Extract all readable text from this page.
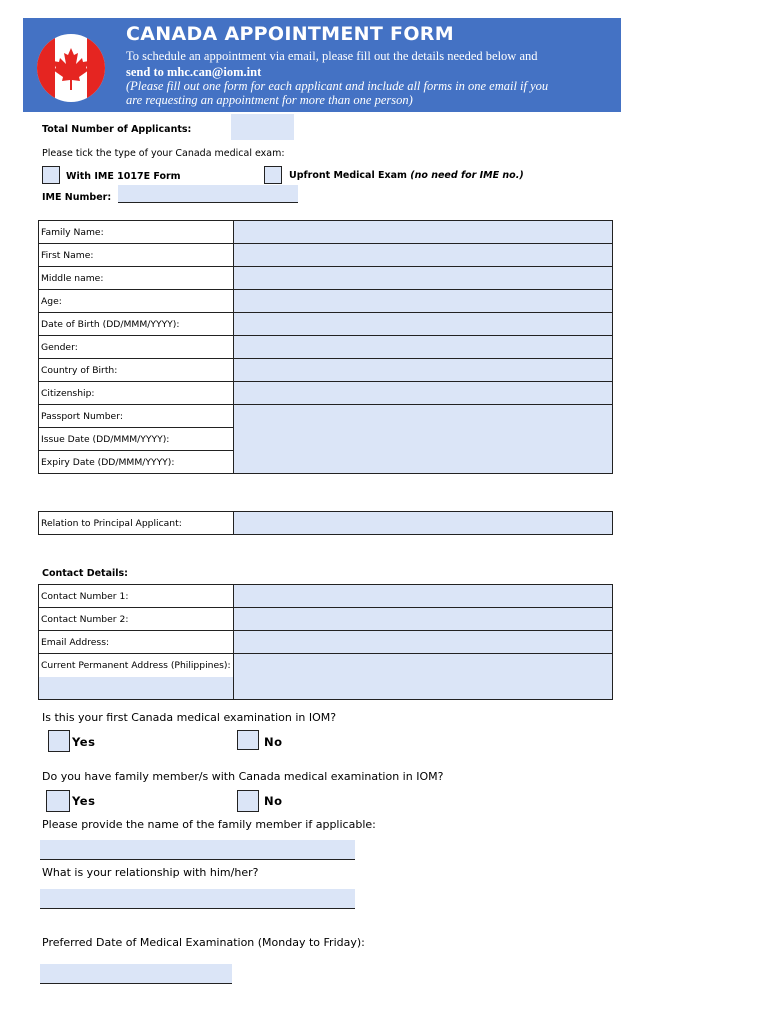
CANADA APPOINTMENT FORM
To schedule an appointment via email, please fill out the details needed below and
send to mhc.can@iom.int
(Please fill out one form for each applicant and include all forms in one email if you
are requesting an appointment for more than one person)
Total Number of Applicants:
Please tick the type of your Canada medical exam:
With IME 1017E Form	Upfront Medical Exam (no need for IME no.)
IME Number:
Family Name:	
First Name:	
Middle name:	
Age:	
Date of Birth (DD/MMM/YYYY):	
Gender:	
Country of Birth:	
Citizenship:	
Passport Number:	
Issue Date (DD/MMM/YYYY):	
Expiry Date (DD/MMM/YYYY):	
Relation to Principal Applicant:	
Contact Details:
Contact Number 1:	
Contact Number 2:	
Email Address:	
Current Permanent Address (Philippines):	

Is this your first Canada medical examination in IOM?
Yes	No
Do you have family member/s with Canada medical examination in IOM?
Yes	No
Please provide the name of the family member if applicable:
What is your relationship with him/her?
Preferred Date of Medical Examination (Monday to Friday):
